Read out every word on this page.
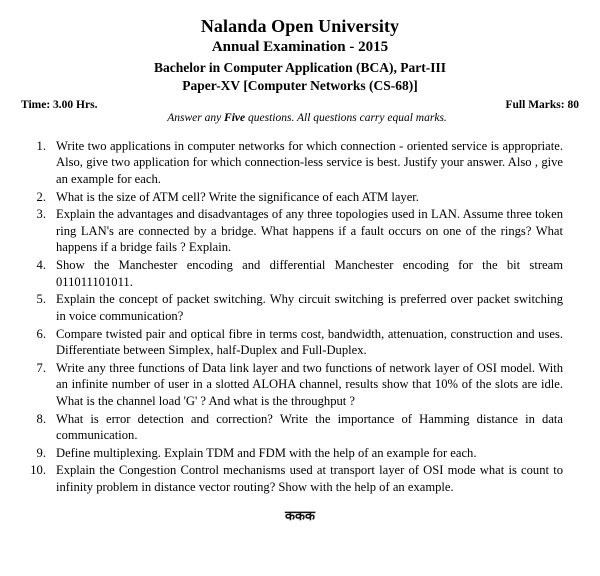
Nalanda Open University
Annual Examination - 2015
Bachelor in Computer Application (BCA), Part-III
Paper-XV [Computer Networks (CS-68)]
Time: 3.00 Hrs.	Full Marks: 80
Answer any Five questions. All questions carry equal marks.
1. Write two applications in computer networks for which connection - oriented service is appropriate. Also, give two application for which connection-less service is best. Justify your answer. Also , give an example for each.
2. What is the size of ATM cell? Write the significance of each ATM layer.
3. Explain the advantages and disadvantages of any three topologies used in LAN. Assume three token ring LAN's are connected by a bridge. What happens if a fault occurs on one of the rings? What happens if a bridge fails ? Explain.
4. Show the Manchester encoding and differential Manchester encoding for the bit stream 011011101011.
5. Explain the concept of packet switching. Why circuit switching is preferred over packet switching in voice communication?
6. Compare twisted pair and optical fibre in terms cost, bandwidth, attenuation, construction and uses. Differentiate between Simplex, half-Duplex and Full-Duplex.
7. Write any three functions of Data link layer and two functions of network layer of OSI model. With an infinite number of user in a slotted ALOHA channel, results show that 10% of the slots are idle. What is the channel load 'G' ? And what is the throughput ?
8. What is error detection and correction? Write the importance of Hamming distance in data communication.
9. Define multiplexing. Explain TDM and FDM with the help of an example for each.
10. Explain the Congestion Control mechanisms used at transport layer of OSI mode what is count to infinity problem in distance vector routing? Show with the help of an example.
ककक
